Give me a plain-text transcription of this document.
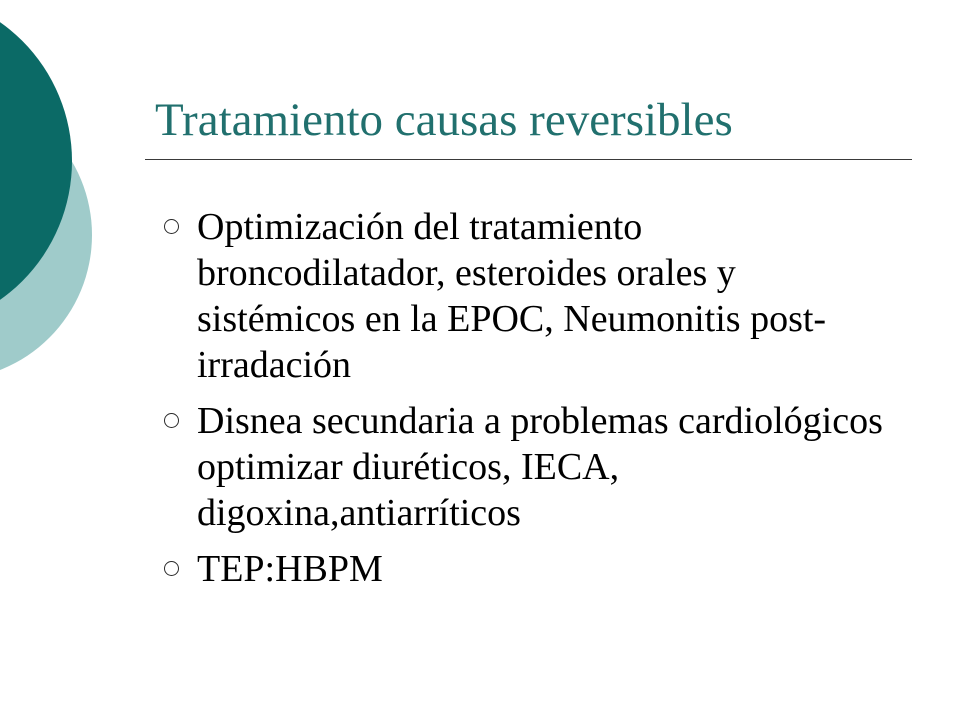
Tratamiento causas reversibles
Optimización del tratamiento
broncodilatador, esteroides orales y
sistémicos en la EPOC, Neumonitis post-
irradación
Disnea secundaria a problemas cardiológicos
optimizar diuréticos, IECA,
digoxina,antiarríticos
TEP:HBPM
